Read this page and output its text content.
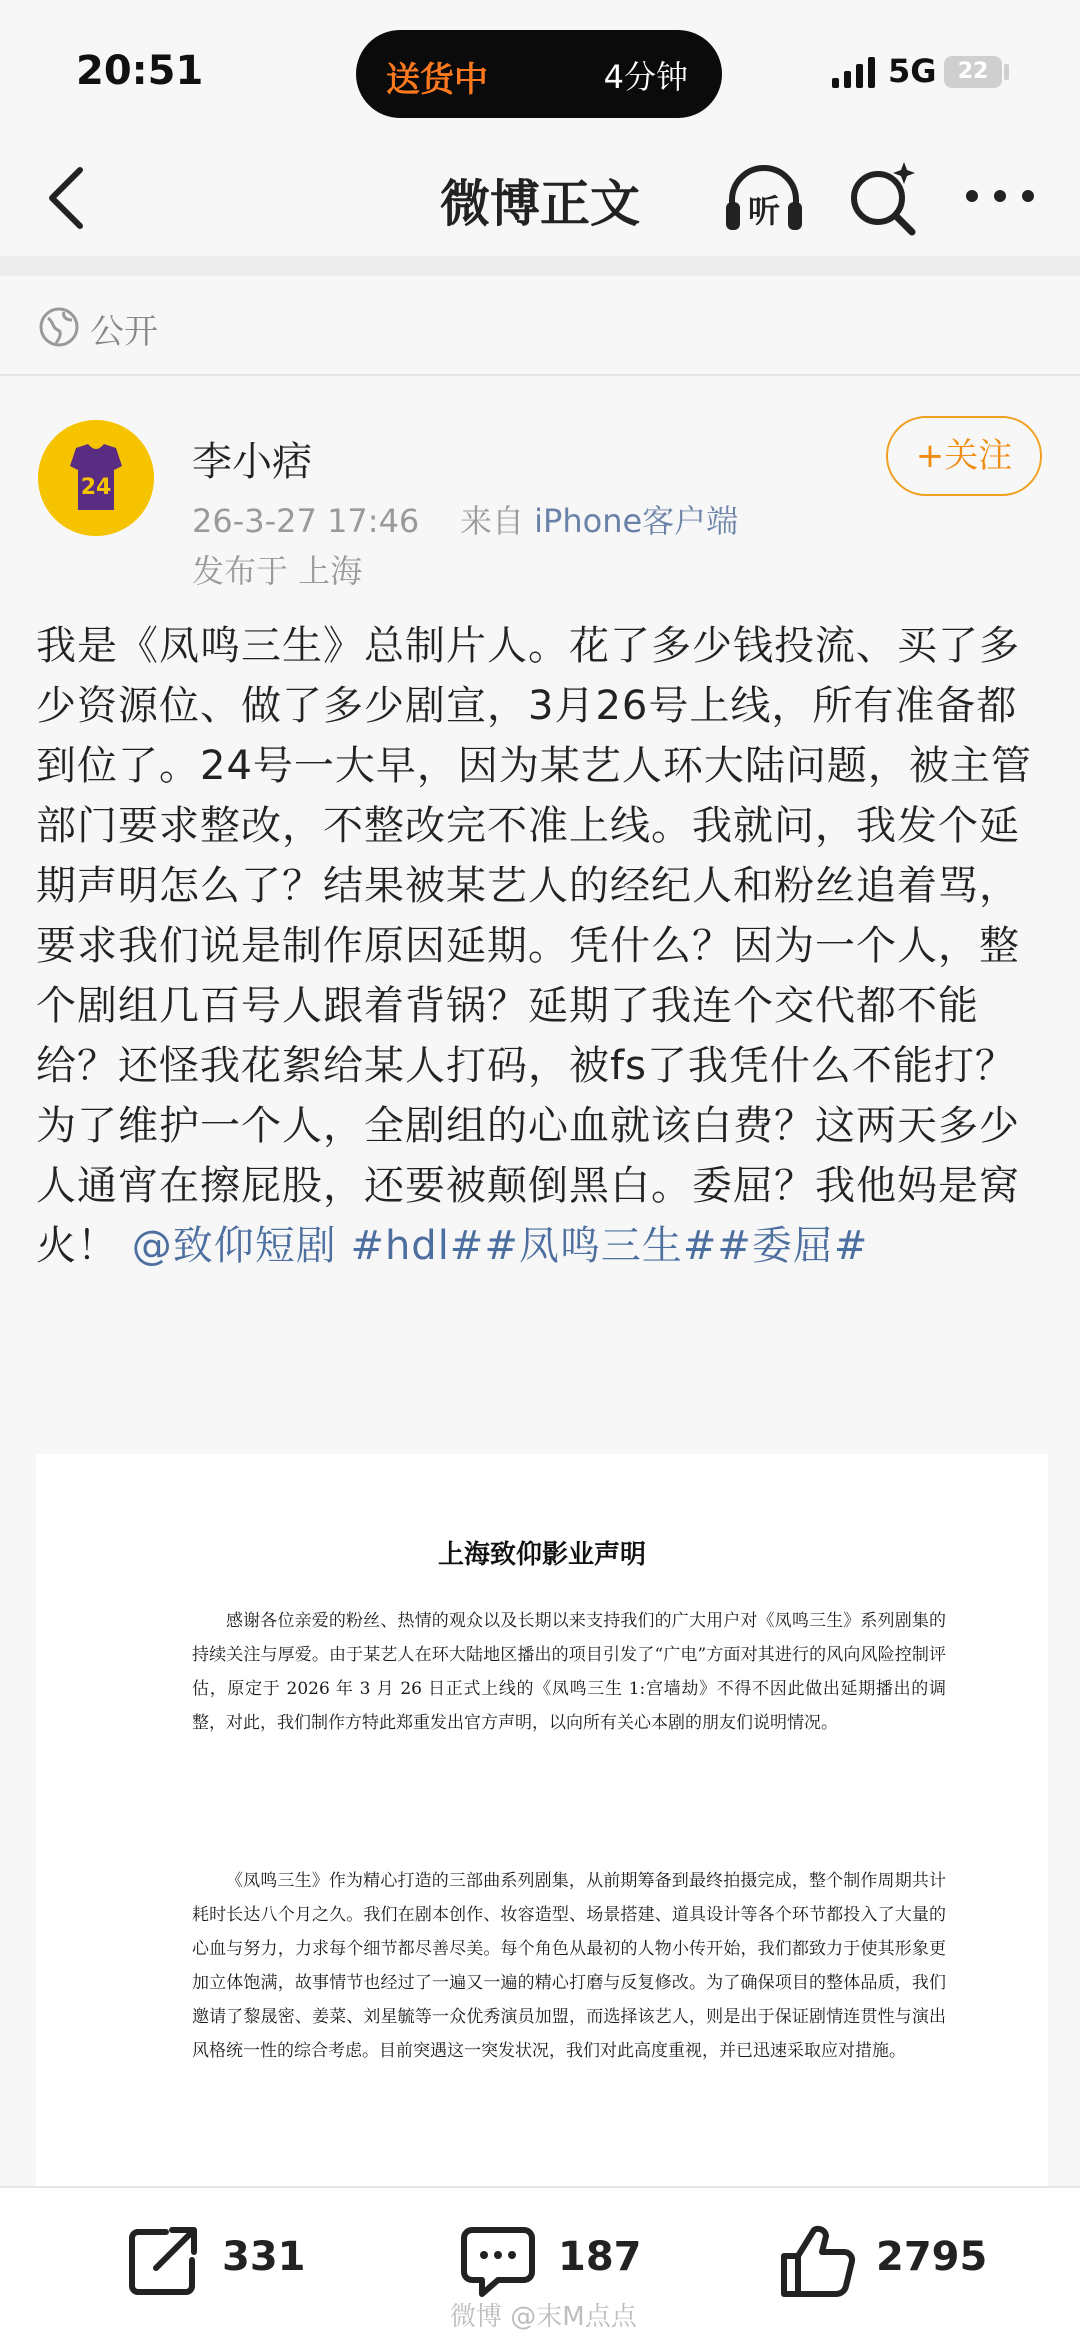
20:51	送货中	4分钟	5G 22
微博正文	听
公开
24
李小痞
26-3-27 17:46 来自 iPhone客户端
发布于 上海
+关注
我是《凤鸣三生》总制片人。花了多少钱投流、买了多少资源位、做了多少剧宣，3月26号上线，所有准备都到位了。24号一大早，因为某艺人环大陆问题，被主管部门要求整改，不整改完不准上线。我就问，我发个延期声明怎么了？结果被某艺人的经纪人和粉丝追着骂，要求我们说是制作原因延期。凭什么？因为一个人，整个剧组几百号人跟着背锅？延期了我连个交代都不能给？还怪我花絮给某人打码，被fs了我凭什么不能打？为了维护一个人，全剧组的心血就该白费？这两天多少人通宵在擦屁股，还要被颠倒黑白。委屈？我他妈是窝火！ @致仰短剧 #hdl##凤鸣三生##委屈#
上海致仰影业声明
感谢各位亲爱的粉丝、热情的观众以及长期以来支持我们的广大用户对《凤鸣三生》系列剧集的持续关注与厚爱。由于某艺人在环大陆地区播出的项目引发了“广电”方面对其进行的风向风险控制评估，原定于 2026 年 3 月 26 日正式上线的《凤鸣三生 1:宫墙劫》不得不因此做出延期播出的调整，对此，我们制作方特此郑重发出官方声明，以向所有关心本剧的朋友们说明情况。
《凤鸣三生》作为精心打造的三部曲系列剧集，从前期筹备到最终拍摄完成，整个制作周期共计耗时长达八个月之久。我们在剧本创作、妆容造型、场景搭建、道具设计等各个环节都投入了大量的心血与努力，力求每个细节都尽善尽美。每个角色从最初的人物小传开始，我们都致力于使其形象更加立体饱满，故事情节也经过了一遍又一遍的精心打磨与反复修改。为了确保项目的整体品质，我们邀请了黎晟密、姜菜、刘星毓等一众优秀演员加盟，而选择该艺人，则是出于保证剧情连贯性与演出风格统一性的综合考虑。目前突遇这一突发状况，我们对此高度重视，并已迅速采取应对措施。
331	187	2795
微博 @末M点点
